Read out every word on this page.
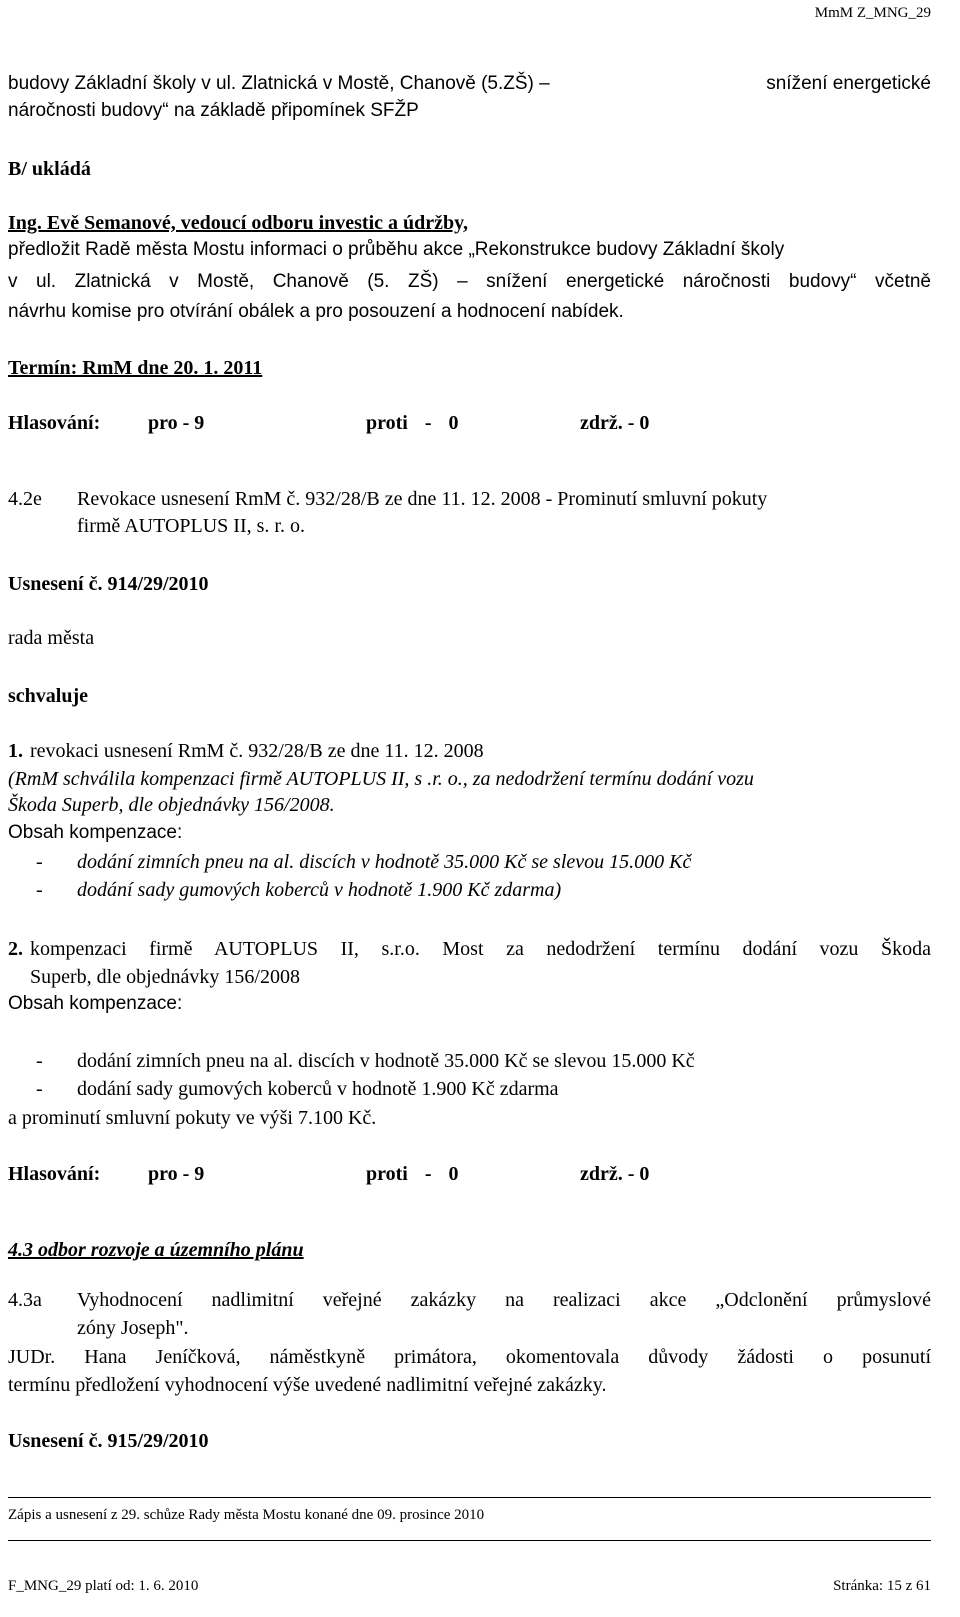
MmM Z_MNG_29
budovy Základní školy v ul. Zlatnická v Mostě, Chanově (5.ZŠ) –	snížení energetické
náročnosti budovy“ na základě připomínek SFŽP
B/ ukládá
Ing. Evě Semanové, vedoucí odboru investic a údržby,
předložit Radě města Mostu informaci o průběhu akce „Rekonstrukce budovy Základní školy
v ul. Zlatnická v Mostě, Chanově (5. ZŠ) – snížení energetické náročnosti budovy“ včetně
návrhu komise pro otvírání obálek a pro posouzení a hodnocení nabídek.
Termín: RmM dne 20. 1. 2011
Hlasování: pro - 9	proti - 0	zdrž. - 0
4.2e Revokace usnesení RmM č. 932/28/B ze dne 11. 12. 2008 - Prominutí smluvní pokuty
firmě AUTOPLUS II, s. r. o.
Usnesení č. 914/29/2010
rada města
schvaluje
1. revokaci usnesení RmM č. 932/28/B ze dne 11. 12. 2008
(RmM schválila kompenzaci firmě AUTOPLUS II, s .r. o., za nedodržení termínu dodání vozu
Škoda Superb, dle objednávky 156/2008.
Obsah kompenzace:
- dodání zimních pneu na al. discích v hodnotě 35.000 Kč se slevou 15.000 Kč
- dodání sady gumových koberců v hodnotě 1.900 Kč zdarma)
2. kompenzaci firmě AUTOPLUS II, s.r.o. Most za nedodržení termínu dodání vozu Škoda
Superb, dle objednávky 156/2008
Obsah kompenzace:
- dodání zimních pneu na al. discích v hodnotě 35.000 Kč se slevou 15.000 Kč
- dodání sady gumových koberců v hodnotě 1.900 Kč zdarma
a prominutí smluvní pokuty ve výši 7.100 Kč.
Hlasování: pro - 9	proti - 0	zdrž. - 0
4.3 odbor rozvoje a územního plánu
4.3a Vyhodnocení nadlimitní veřejné zakázky na realizaci akce „Odclonění průmyslové
zóny Joseph".
JUDr. Hana Jeníčková, náměstkyně primátora, okomentovala důvody žádosti o posunutí
termínu předložení vyhodnocení výše uvedené nadlimitní veřejné zakázky.
Usnesení č. 915/29/2010
Zápis a usnesení z 29. schůze Rady města Mostu konané dne 09. prosince 2010
F_MNG_29 platí od: 1. 6. 2010	Stránka: 15 z 61
